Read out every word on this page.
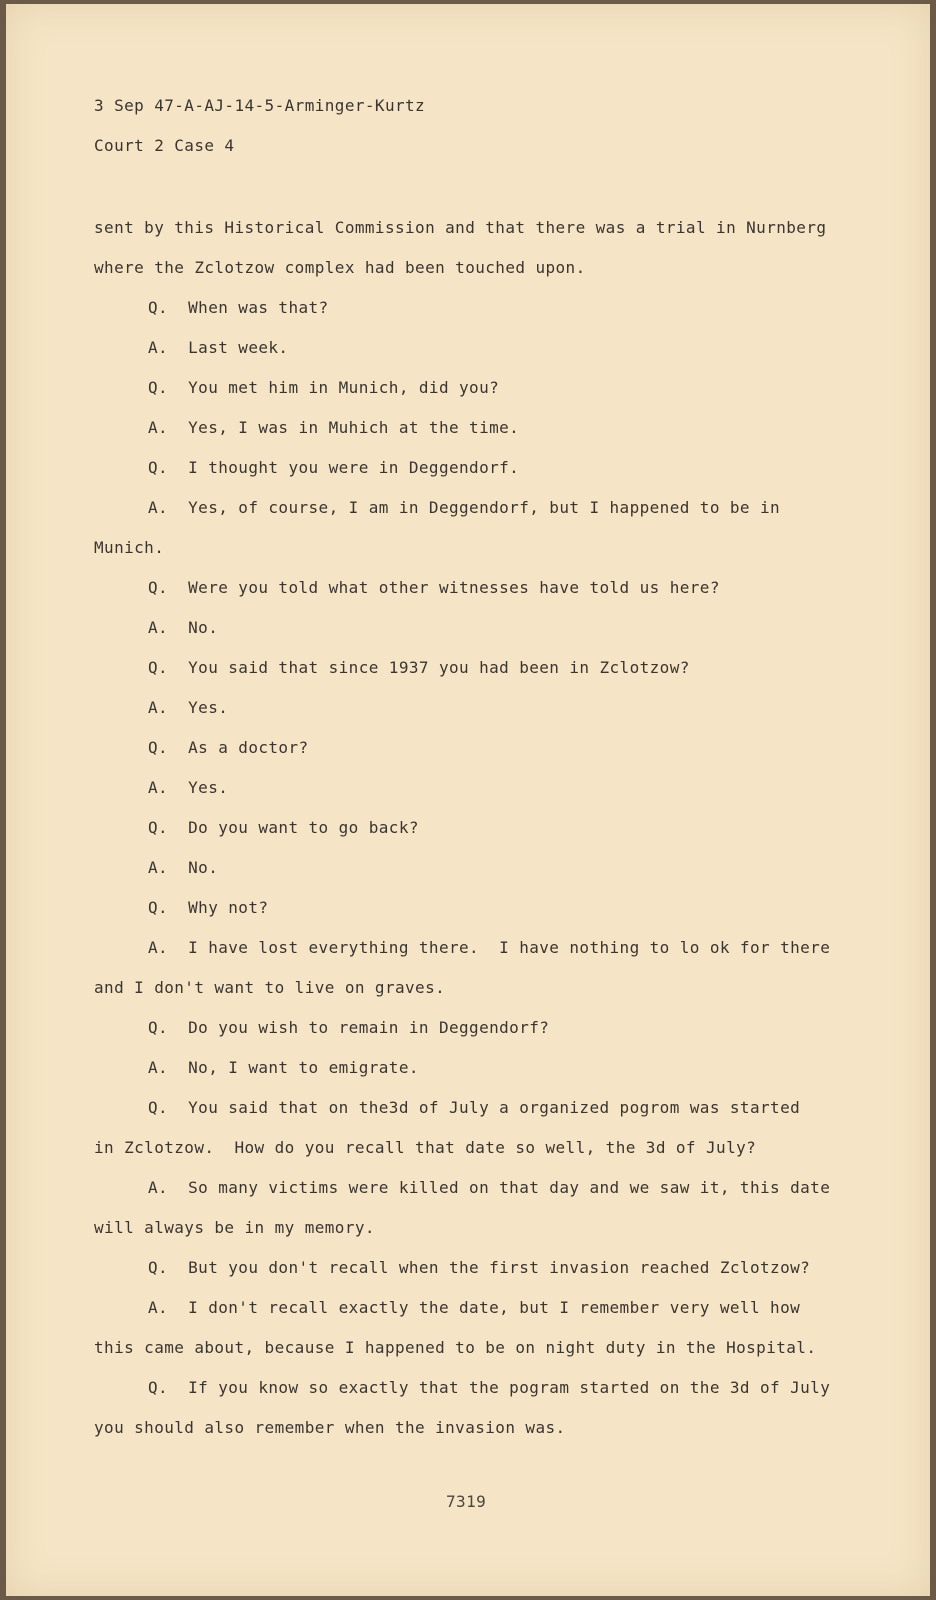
3 Sep 47-A-AJ-14-5-Arminger-Kurtz
Court 2 Case 4
sent by this Historical Commission and that there was a trial in Nurnberg
where the Zclotzow complex had been touched upon.
Q.  When was that?
A.  Last week.
Q.  You met him in Munich, did you?
A.  Yes, I was in Muhich at the time.
Q.  I thought you were in Deggendorf.
A.  Yes, of course, I am in Deggendorf, but I happened to be in
Munich.
Q.  Were you told what other witnesses have told us here?
A.  No.
Q.  You said that since 1937 you had been in Zclotzow?
A.  Yes.
Q.  As a doctor?
A.  Yes.
Q.  Do you want to go back?
A.  No.
Q.  Why not?
A.  I have lost everything there.  I have nothing to lo ok for there
and I don't want to live on graves.
Q.  Do you wish to remain in Deggendorf?
A.  No, I want to emigrate.
Q.  You said that on the3d of July a organized pogrom was started
in Zclotzow.  How do you recall that date so well, the 3d of July?
A.  So many victims were killed on that day and we saw it, this date
will always be in my memory.
Q.  But you don't recall when the first invasion reached Zclotzow?
A.  I don't recall exactly the date, but I remember very well how
this came about, because I happened to be on night duty in the Hospital.
Q.  If you know so exactly that the pogram started on the 3d of July
you should also remember when the invasion was.
7319
